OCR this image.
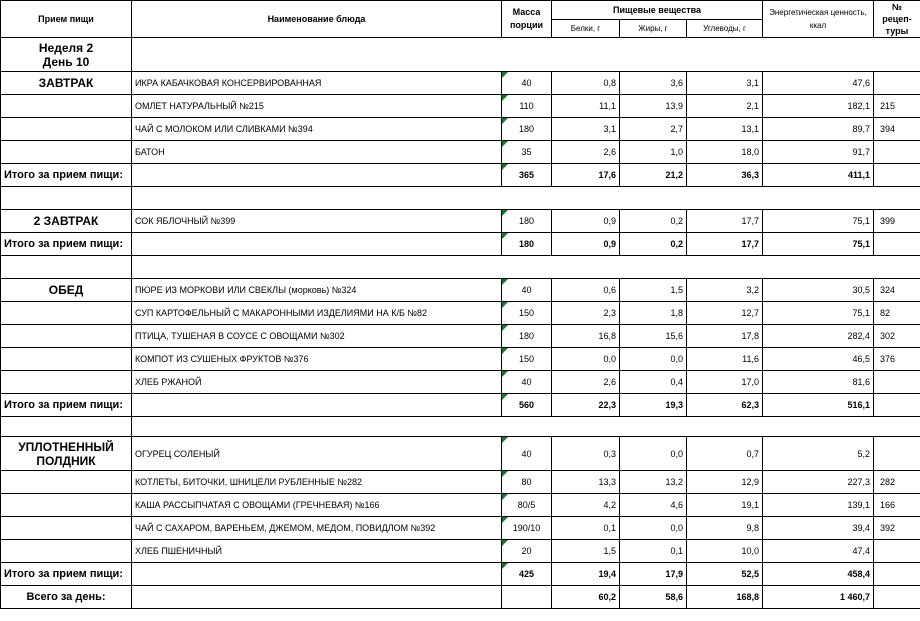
Прием пищи	Наименование блюда	Масса порции	Пищевые вещества			Энергетическая ценность, ккал	№ рецеп-туры
			Белки, г	Жиры, г	Углеводы, г		
Неделя 2
День 10							
ЗАВТРАК	ИКРА КАБАЧКОВАЯ КОНСЕРВИРОВАННАЯ	40	0,8	3,6	3,1	47,6	
	ОМЛЕТ НАТУРАЛЬНЫЙ №215	110	11,1	13,9	2,1	182,1	215
	ЧАЙ С МОЛОКОМ ИЛИ СЛИВКАМИ №394	180	3,1	2,7	13,1	89,7	394
	БАТОН	35	2,6	1,0	18,0	91,7	
Итого за прием пищи:		365	17,6	21,2	36,3	411,1	

2 ЗАВТРАК	СОК ЯБЛОЧНЫЙ №399	180	0,9	0,2	17,7	75,1	399
Итого за прием пищи:		180	0,9	0,2	17,7	75,1	

ОБЕД	ПЮРЕ ИЗ МОРКОВИ ИЛИ СВЕКЛЫ (морковь) №324	40	0,6	1,5	3,2	30,5	324
	СУП КАРТОФЕЛЬНЫЙ С МАКАРОННЫМИ ИЗДЕЛИЯМИ НА К/Б №82	150	2,3	1,8	12,7	75,1	82
	ПТИЦА, ТУШЕНАЯ В СОУСЕ С ОВОЩАМИ №302	180	16,8	15,6	17,8	282,4	302
	КОМПОТ ИЗ СУШЕНЫХ ФРУКТОВ №376	150	0,0	0,0	11,6	46,5	376
	ХЛЕБ РЖАНОЙ	40	2,6	0,4	17,0	81,6	
Итого за прием пищи:		560	22,3	19,3	62,3	516,1	

УПЛОТНЕННЫЙ ПОЛДНИК	ОГУРЕЦ СОЛЕНЫЙ	40	0,3	0,0	0,7	5,2	
	КОТЛЕТЫ, БИТОЧКИ, ШНИЦЕЛИ РУБЛЕННЫЕ №282	80	13,3	13,2	12,9	227,3	282
	КАША РАССЫПЧАТАЯ С ОВОЩАМИ (ГРЕЧНЕВАЯ) №166	80/5	4,2	4,6	19,1	139,1	166
	ЧАЙ С САХАРОМ, ВАРЕНЬЕМ, ДЖЕМОМ, МЕДОМ, ПОВИДЛОМ №392	190/10	0,1	0,0	9,8	39,4	392
	ХЛЕБ ПШЕНИЧНЫЙ	20	1,5	0,1	10,0	47,4	
Итого за прием пищи:		425	19,4	17,9	52,5	458,4	
Всего за день:			60,2	58,6	168,8	1 460,7	
